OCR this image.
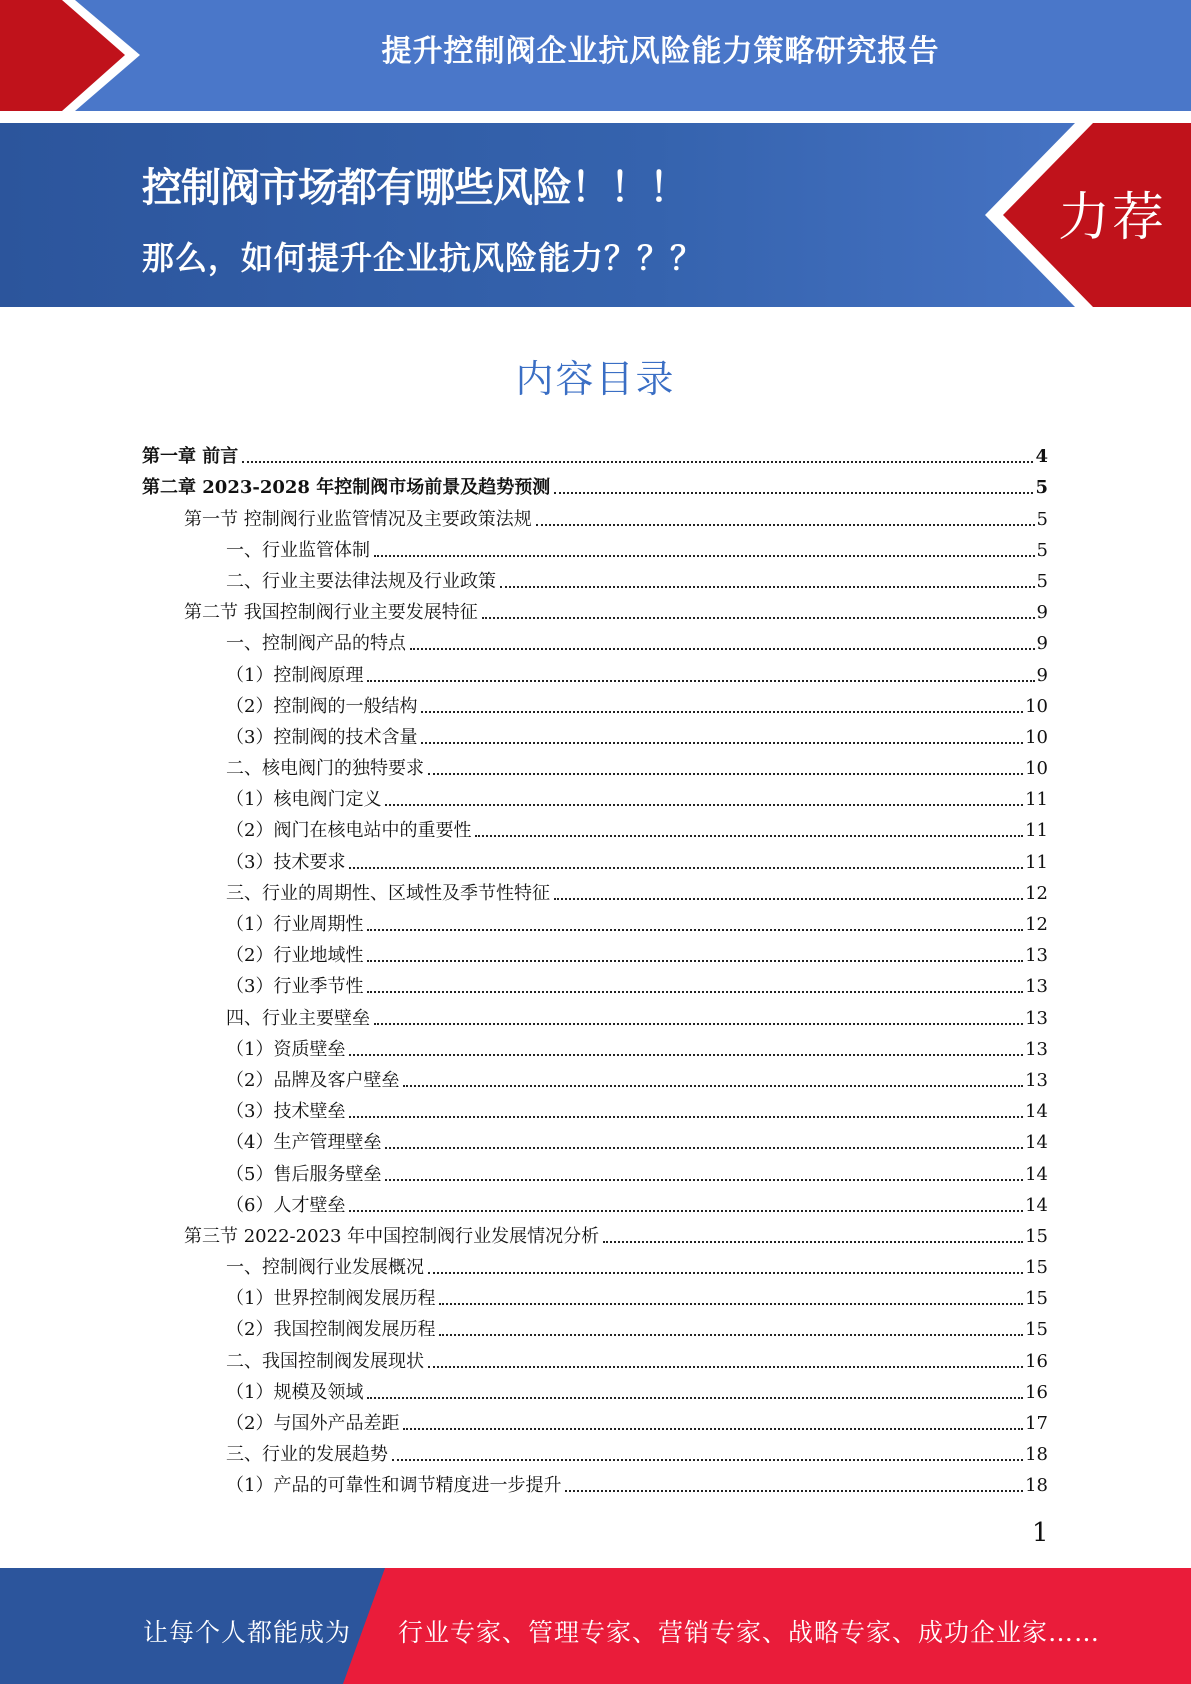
提升控制阀企业抗风险能力策略研究报告
控制阀市场都有哪些风险！！！
那么，如何提升企业抗风险能力？？？
力荐
内容目录
第一章 前言	4
第二章 2023-2028 年控制阀市场前景及趋势预测	5
第一节 控制阀行业监管情况及主要政策法规	5
一、行业监管体制	5
二、行业主要法律法规及行业政策	5
第二节 我国控制阀行业主要发展特征	9
一、控制阀产品的特点	9
（1）控制阀原理	9
（2）控制阀的一般结构	10
（3）控制阀的技术含量	10
二、核电阀门的独特要求	10
（1）核电阀门定义	11
（2）阀门在核电站中的重要性	11
（3）技术要求	11
三、行业的周期性、区域性及季节性特征	12
（1）行业周期性	12
（2）行业地域性	13
（3）行业季节性	13
四、行业主要壁垒	13
（1）资质壁垒	13
（2）品牌及客户壁垒	13
（3）技术壁垒	14
（4）生产管理壁垒	14
（5）售后服务壁垒	14
（6）人才壁垒	14
第三节 2022-2023 年中国控制阀行业发展情况分析	15
一、控制阀行业发展概况	15
（1）世界控制阀发展历程	15
（2）我国控制阀发展历程	15
二、我国控制阀发展现状	16
（1）规模及领域	16
（2）与国外产品差距	17
三、行业的发展趋势	18
（1）产品的可靠性和调节精度进一步提升	18
1
让每个人都能成为 行业专家、管理专家、营销专家、战略专家、成功企业家……
